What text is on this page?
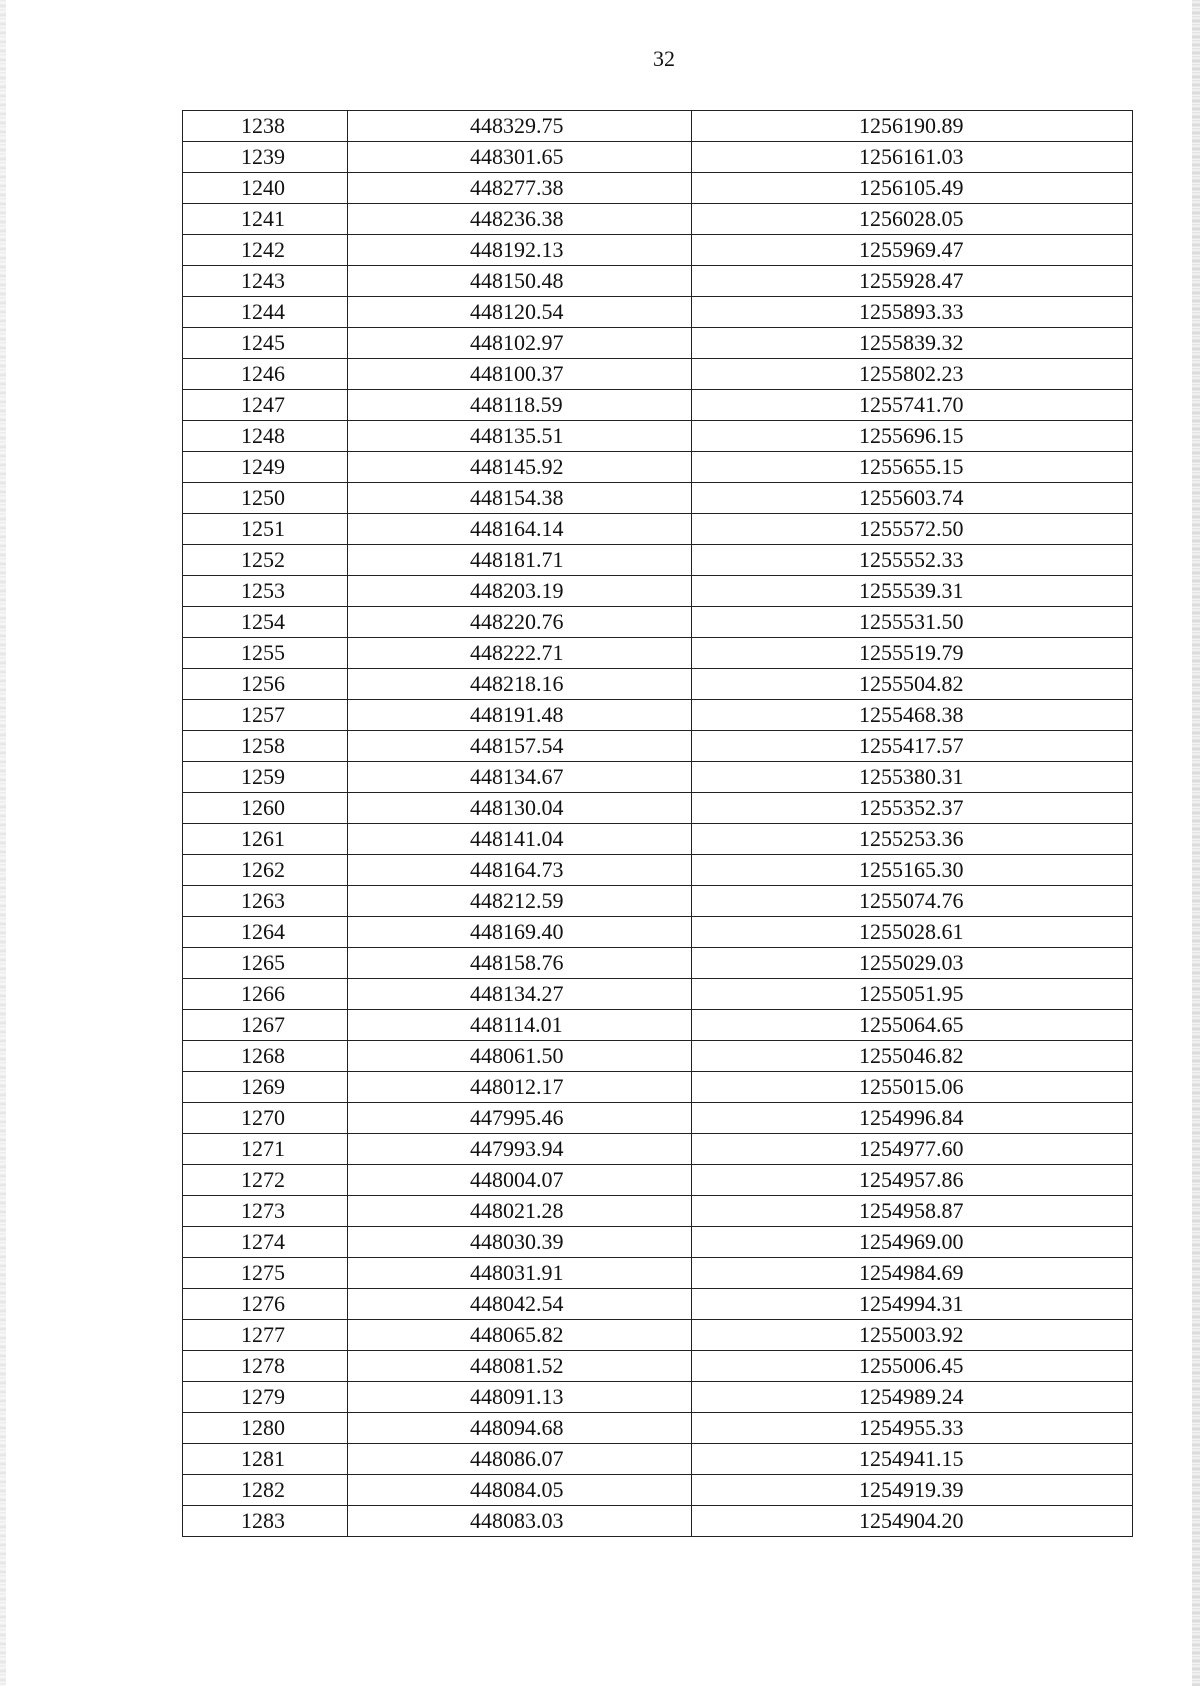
32
1238	448329.75	1256190.89
1239	448301.65	1256161.03
1240	448277.38	1256105.49
1241	448236.38	1256028.05
1242	448192.13	1255969.47
1243	448150.48	1255928.47
1244	448120.54	1255893.33
1245	448102.97	1255839.32
1246	448100.37	1255802.23
1247	448118.59	1255741.70
1248	448135.51	1255696.15
1249	448145.92	1255655.15
1250	448154.38	1255603.74
1251	448164.14	1255572.50
1252	448181.71	1255552.33
1253	448203.19	1255539.31
1254	448220.76	1255531.50
1255	448222.71	1255519.79
1256	448218.16	1255504.82
1257	448191.48	1255468.38
1258	448157.54	1255417.57
1259	448134.67	1255380.31
1260	448130.04	1255352.37
1261	448141.04	1255253.36
1262	448164.73	1255165.30
1263	448212.59	1255074.76
1264	448169.40	1255028.61
1265	448158.76	1255029.03
1266	448134.27	1255051.95
1267	448114.01	1255064.65
1268	448061.50	1255046.82
1269	448012.17	1255015.06
1270	447995.46	1254996.84
1271	447993.94	1254977.60
1272	448004.07	1254957.86
1273	448021.28	1254958.87
1274	448030.39	1254969.00
1275	448031.91	1254984.69
1276	448042.54	1254994.31
1277	448065.82	1255003.92
1278	448081.52	1255006.45
1279	448091.13	1254989.24
1280	448094.68	1254955.33
1281	448086.07	1254941.15
1282	448084.05	1254919.39
1283	448083.03	1254904.20
